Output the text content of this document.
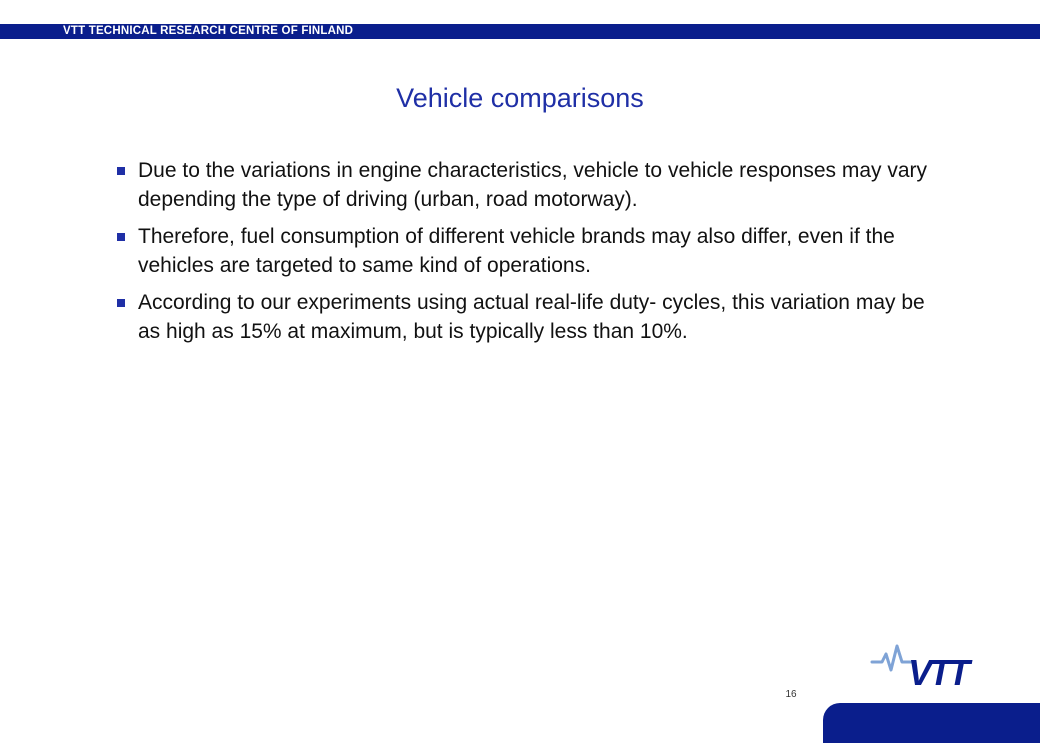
VTT TECHNICAL RESEARCH CENTRE OF FINLAND
Vehicle comparisons
Due to the variations in engine characteristics, vehicle to vehicle responses may vary depending the type of driving (urban, road motorway).
Therefore, fuel consumption of different vehicle brands may also differ, even if the vehicles are targeted to same kind of operations.
According to our experiments using actual real-life duty- cycles, this variation may be as high as 15% at maximum, but is typically less than 10%.
16
VTT
